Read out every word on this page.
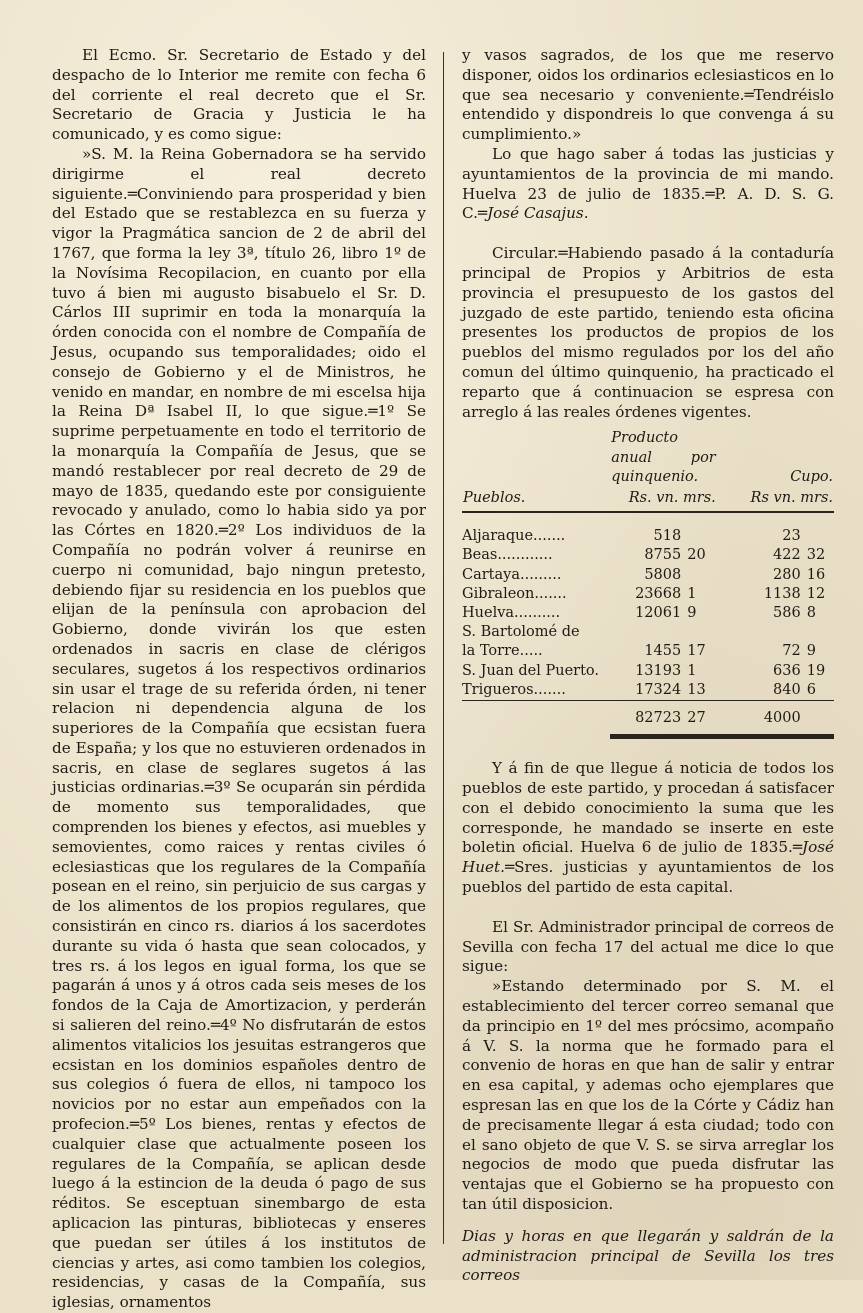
El Ecmo. Sr. Secretario de Estado y del despacho de lo Interior me remite con fecha 6 del corriente el real decreto que el Sr. Secretario de Gracia y Justicia le ha comunicado, y es como sigue:

»S. M. la Reina Gobernadora se ha servido dirigirme el real decreto siguiente.═Conviniendo para prosperidad y bien del Estado que se restablezca en su fuerza y vigor la Pragmática sancion de 2 de abril del 1767, que forma la ley 3ª, título 26, libro 1º de la Novísima Recopilacion, en cuanto por ella tuvo á bien mi augusto bisabuelo el Sr. D. Cárlos III suprimir en toda la monarquía la órden conocida con el nombre de Compañía de Jesus, ocupando sus temporalidades; oido el consejo de Gobierno y el de Ministros, he venido en mandar, en nombre de mi escelsa hija la Reina Dª Isabel II, lo que sigue.═1º Se suprime perpetuamente en todo el territorio de la monarquía la Compañía de Jesus, que se mandó restablecer por real decreto de 29 de mayo de 1835, quedando este por consiguiente revocado y anulado, como lo habia sido ya por las Córtes en 1820.═2º Los individuos de la Compañía no podrán volver á reunirse en cuerpo ni comunidad, bajo ningun pretesto, debiendo fijar su residencia en los pueblos que elijan de la península con aprobacion del Gobierno, donde vivirán los que esten ordenados in sacris en clase de clérigos seculares, sugetos á los respectivos ordinarios sin usar el trage de su referida órden, ni tener relacion ni dependencia alguna de los superiores de la Compañía que ecsistan fuera de España; y los que no estuvieren ordenados in sacris, en clase de seglares sugetos á las justicias ordinarias.═3º Se ocuparán sin pérdida de momento sus temporalidades, que comprenden los bienes y efectos, asi muebles y semovientes, como raices y rentas civiles ó eclesiasticas que los regulares de la Compañía posean en el reino, sin perjuicio de sus cargas y de los alimentos de los propios regulares, que consistirán en cinco rs. diarios á los sacerdotes durante su vida ó hasta que sean colocados, y tres rs. á los legos en igual forma, los que se pagarán á unos y á otros cada seis meses de los fondos de la Caja de Amortizacion, y perderán si salieren del reino.═4º No disfrutarán de estos alimentos vitalicios los jesuitas estrangeros que ecsistan en los dominios españoles dentro de sus colegios ó fuera de ellos, ni tampoco los novicios por no estar aun empeñados con la profecion.═5º Los bienes, rentas y efectos de cualquier clase que actualmente poseen los regulares de la Compañía, se aplican desde luego á la estincion de la deuda ó pago de sus réditos. Se esceptuan sinembargo de esta aplicacion las pinturas, bibliotecas y enseres que puedan ser útiles á los institutos de ciencias y artes, asi como tambien los colegios, residencias, y casas de la Compañía, sus iglesias, ornamentos

y vasos sagrados, de los que me reservo disponer, oidos los ordinarios eclesiasticos en lo que sea necesario y conveniente.═Tendréislo entendido y dispondreis lo que convenga á su cumplimiento.»

Lo que hago saber á todas las justicias y ayuntamientos de la provincia de mi mando. Huelva 23 de julio de 1835.═P. A. D. S. G. C.═José Casajus.

Circular.═Habiendo pasado á la contaduría principal de Propios y Arbitrios de esta provincia el presupuesto de los gastos del juzgado de este partido, teniendo esta oficina presentes los productos de propios de los pueblos del mismo regulados por los del año comun del último quinquenio, ha practicado el reparto que á continuacion se espresa con arreglo á las reales órdenes vigentes.

Pueblos.	Producto anual por quinquenio.		Cupo.	
	Rs. vn. mrs.		Rs vn. mrs.	

Aljaraque.......	518		23	
Beas............	8755	20	422	32
Cartaya.........	5808		280	16
Gibraleon.......	23668	1	1138	12
Huelva..........	12061	9	586	8
S. Bartolomé de				
la Torre.....	1455	17	72	9
S. Juan del Puerto.	13193	1	636	19
Trigueros.......	17324	13	840	6
	82723	27	4000	

Y á fin de que llegue á noticia de todos los pueblos de este partido, y procedan á satisfacer con el debido conocimiento la suma que les corresponde, he mandado se inserte en este boletin oficial. Huelva 6 de julio de 1835.═José Huet.═Sres. justicias y ayuntamientos de los pueblos del partido de esta capital.

El Sr. Administrador principal de correos de Sevilla con fecha 17 del actual me dice lo que sigue:

»Estando determinado por S. M. el establecimiento del tercer correo semanal que da principio en 1º del mes prócsimo, acompaño á V. S. la norma que he formado para el convenio de horas en que han de salir y entrar en esa capital, y ademas ocho ejemplares que espresan las en que los de la Córte y Cádiz han de precisamente llegar á esta ciudad; todo con el sano objeto de que V. S. se sirva arreglar los negocios de modo que pueda disfrutar las ventajas que el Gobierno se ha propuesto con tan útil disposicion.

Dias y horas en que llegarán y saldrán de la administracion principal de Sevilla los tres correos
